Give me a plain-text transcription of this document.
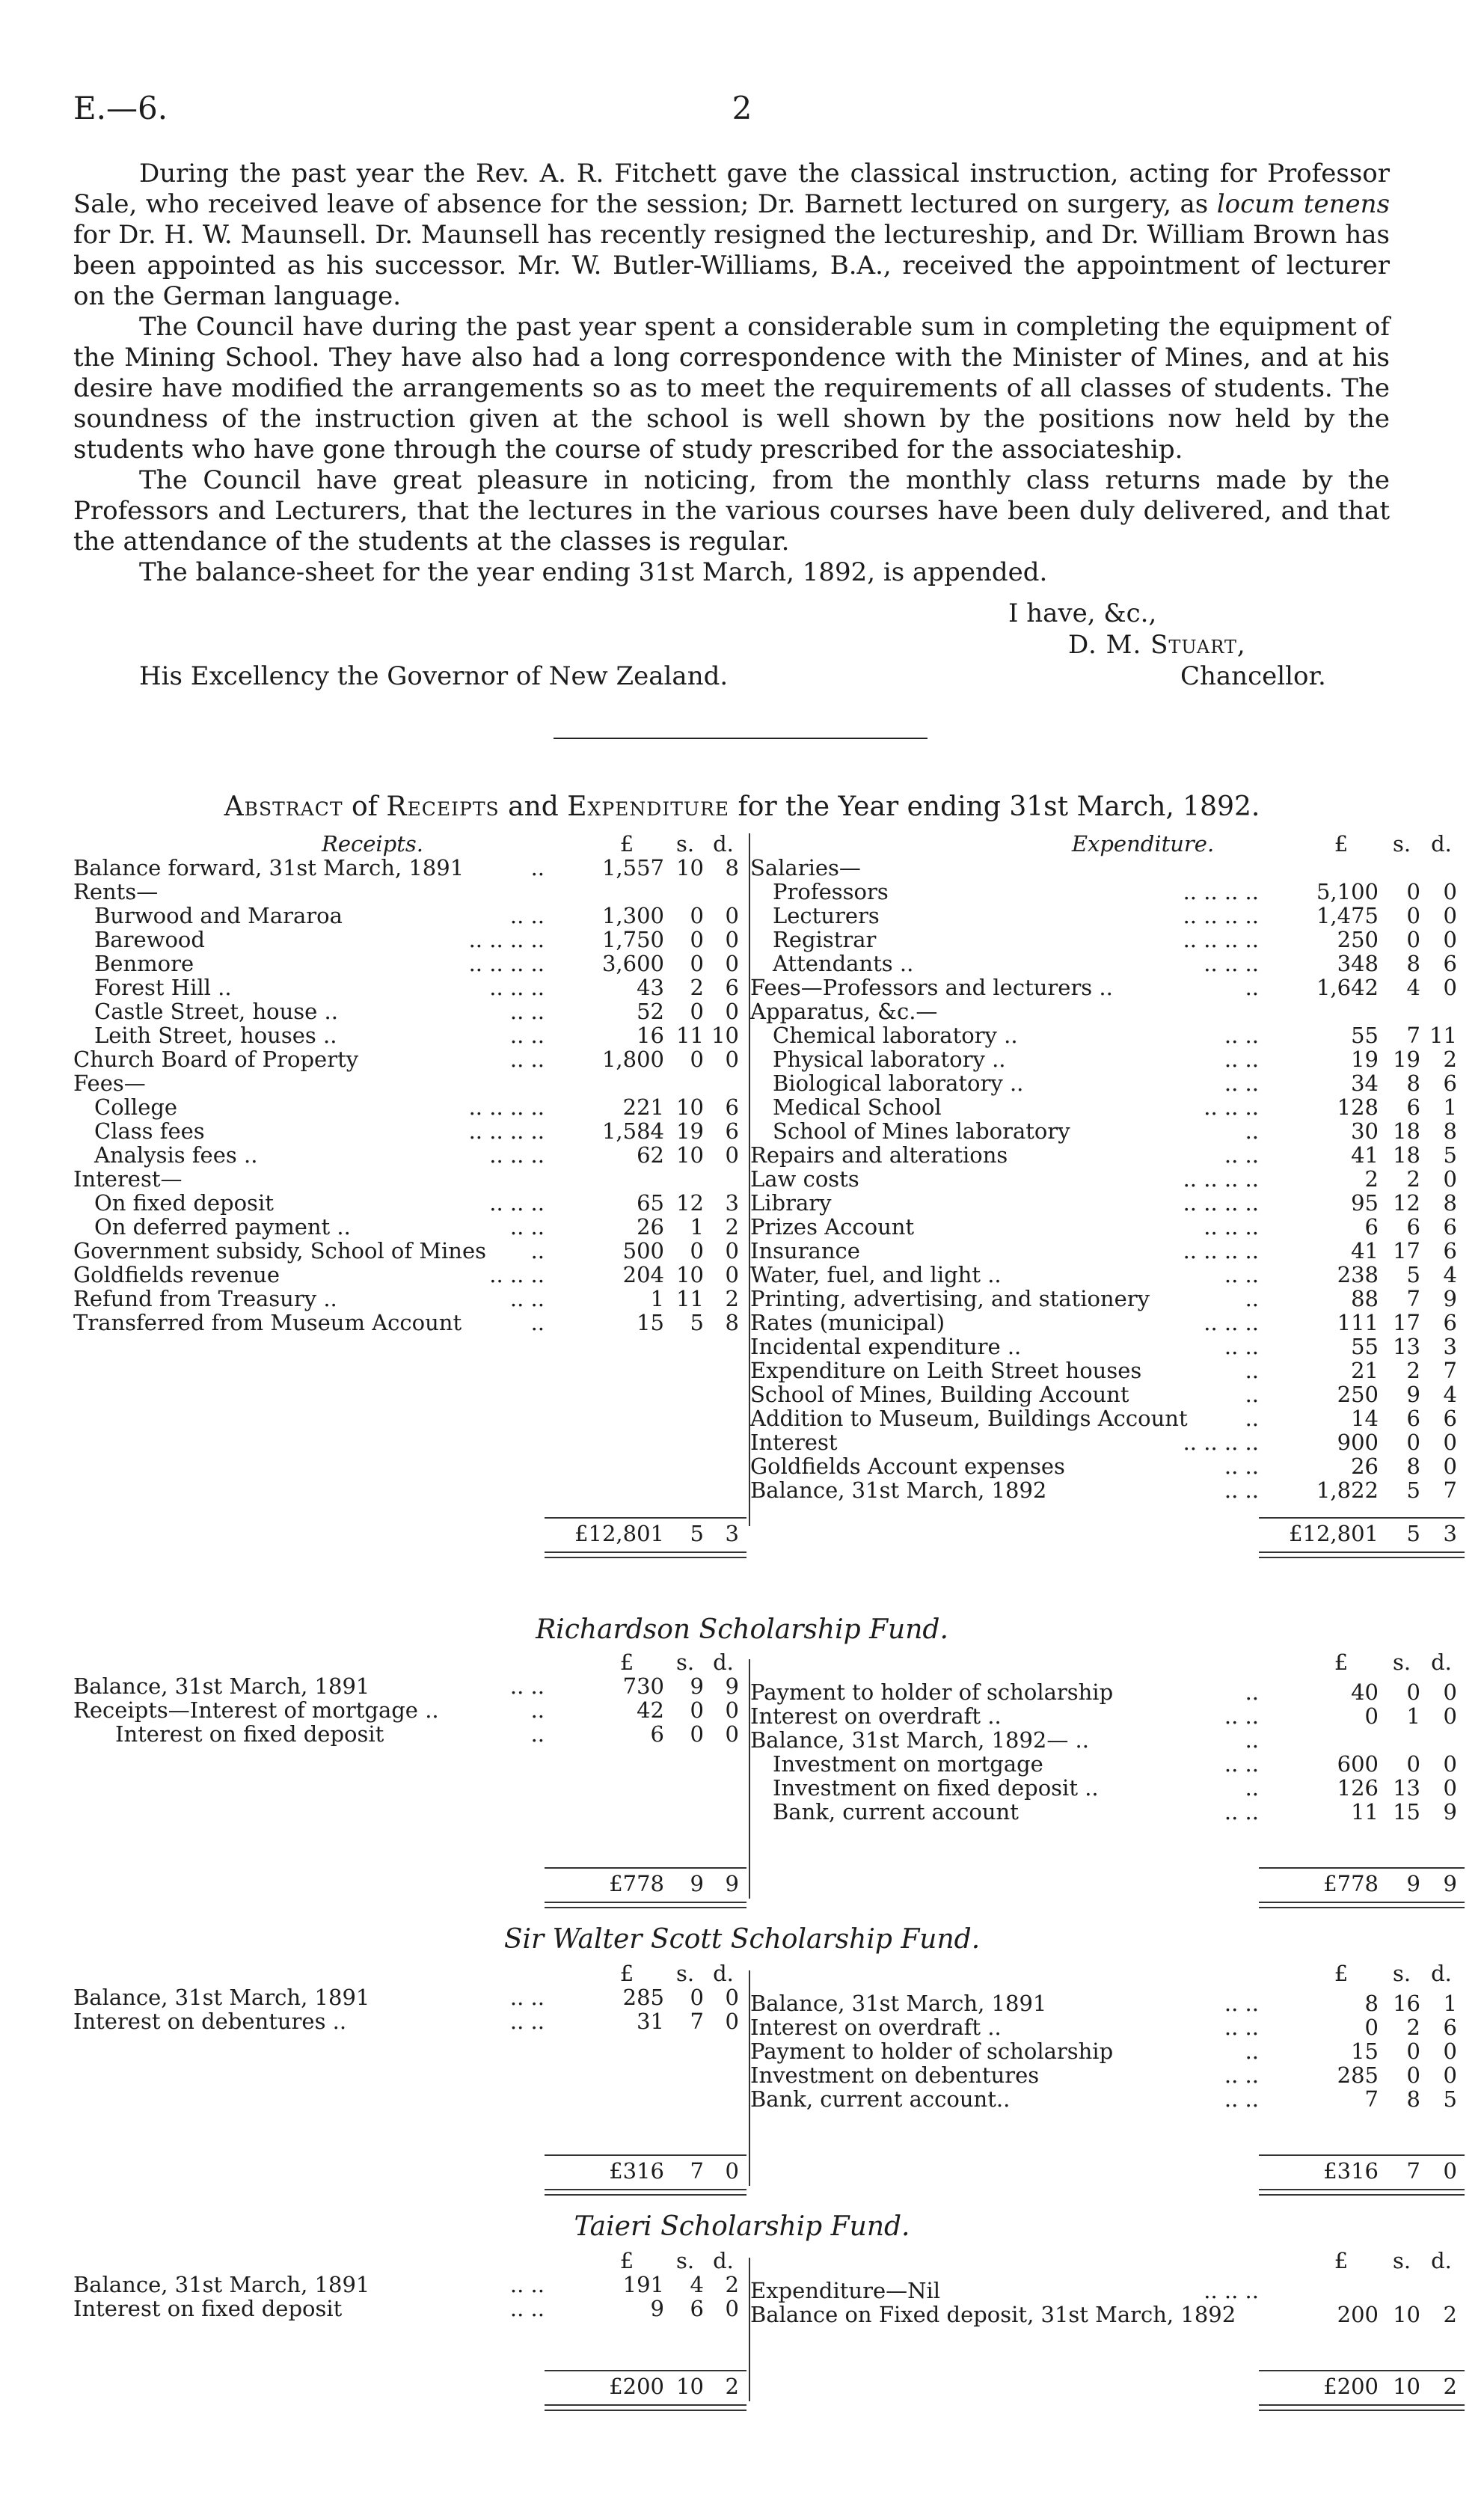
E.—6.	2

During the past year the Rev. A. R. Fitchett gave the classical instruction, acting for Professor Sale, who received leave of absence for the session; Dr. Barnett lectured on surgery, as locum tenens for Dr. H. W. Maunsell. Dr. Maunsell has recently resigned the lectureship, and Dr. William Brown has been appointed as his successor. Mr. W. Butler-Williams, B.A., received the appointment of lecturer on the German language.

The Council have during the past year spent a considerable sum in completing the equipment of the Mining School. They have also had a long correspondence with the Minister of Mines, and at his desire have modified the arrangements so as to meet the requirements of all classes of students. The soundness of the instruction given at the school is well shown by the positions now held by the students who have gone through the course of study prescribed for the associateship.

The Council have great pleasure in noticing, from the monthly class returns made by the Professors and Lecturers, that the lectures in the various courses have been duly delivered, and that the attendance of the students at the classes is regular.

The balance-sheet for the year ending 31st March, 1892, is appended.

I have, &c.,
D. M. Stuart,
His Excellency the Governor of New Zealand.	Chancellor.
Abstract of Receipts and Expenditure for the Year ending 31st March, 1892.
Receipts.	Expenditure.
£	s. d.	£	s. d.
Balance forward, 31st March, 1891	..	1,557 10 8
Rents—
Burwood and Mararoa	.. ..	1,300	0 0
Barewood	.. .. .. ..	1,750	0 0
Benmore	.. .. .. ..	3,600	0 0
Forest Hill ..	.. .. ..	43	2 6
Castle Street, house ..	.. ..	52	0 0
Leith Street, houses ..	.. ..	16 11 10
Church Board of Property	.. ..	1,800	0 0
Fees—
College	.. .. .. ..	221 10 6
Class fees	.. .. .. ..	1,584 19 6
Analysis fees ..	.. .. ..	62 10 0
Interest—
On fixed deposit	.. .. ..	65 12 3
On deferred payment ..	.. ..	26	1 2
Government subsidy, School of Mines	..	500	0 0
Goldfields revenue	.. .. ..	204 10 0
Refund from Treasury ..	.. ..	1 11 2
Transferred from Museum Account	..	15	5 8
Salaries—
Professors	.. .. .. ..	5,100	0	0
Lecturers	.. .. .. ..	1,475	0	0
Registrar	.. .. .. ..	250	0	0
Attendants ..	.. .. ..	348	8	6
Fees—Professors and lecturers ..	..	1,642	4	0
Apparatus, &c.—
Chemical laboratory ..	.. ..	55	7 11
Physical laboratory ..	.. ..	19 19	2
Biological laboratory ..	.. ..	34	8	6
Medical School	.. .. ..	128	6	1
School of Mines laboratory	..	30 18	8
Repairs and alterations	.. ..	41 18	5
Law costs	.. .. .. ..	2	2	0
Library	.. .. .. ..	95 12	8
Prizes Account	.. .. ..	6	6	6
Insurance	.. .. .. ..	41 17	6
Water, fuel, and light ..	.. ..	238	5	4
Printing, advertising, and stationery	..	88	7	9
Rates (municipal)	.. .. ..	111 17	6
Incidental expenditure ..	.. ..	55 13	3
Expenditure on Leith Street houses	..	21	2	7
School of Mines, Building Account	..	250	9	4
Addition to Museum, Buildings Account	..	14	6	6
Interest	.. .. .. ..	900	0	0
Goldfields Account expenses	.. ..	26	8	0
Balance, 31st March, 1892	.. ..	1,822	5	7
£12,801	5 3	£12,801	5	3
Richardson Scholarship Fund.
£	s. d.	£	s. d.
Balance, 31st March, 1891	.. ..	730	9 9
Receipts—Interest of mortgage ..	..	42	0 0
Interest on fixed deposit	..	6	0 0
Payment to holder of scholarship	..	40	0	0
Interest on overdraft ..	.. ..	0	1	0
Balance, 31st March, 1892— ..	..
Investment on mortgage	.. ..	600	0	0
Investment on fixed deposit ..	..	126 13	0
Bank, current account	.. ..	11 15	9
£778	9 9	£778	9	9
Sir Walter Scott Scholarship Fund.
£	s. d.	£	s. d.
Balance, 31st March, 1891	.. ..	285	0 0
Interest on debentures ..	.. ..	31	7 0
Balance, 31st March, 1891	.. ..	8 16	1
Interest on overdraft ..	.. ..	0	2	6
Payment to holder of scholarship	..	15	0	0
Investment on debentures	.. ..	285	0	0
Bank, current account..	.. ..	7	8	5
£316	7 0	£316	7	0
Taieri Scholarship Fund.
£	s. d.	£	s. d.
Balance, 31st March, 1891	.. ..	191	4 2
Interest on fixed deposit	.. ..	9	6 0
Expenditure—Nil	.. .. ..
Balance on Fixed deposit, 31st March, 1892	200 10	2
£200 10 2	£200 10	2
